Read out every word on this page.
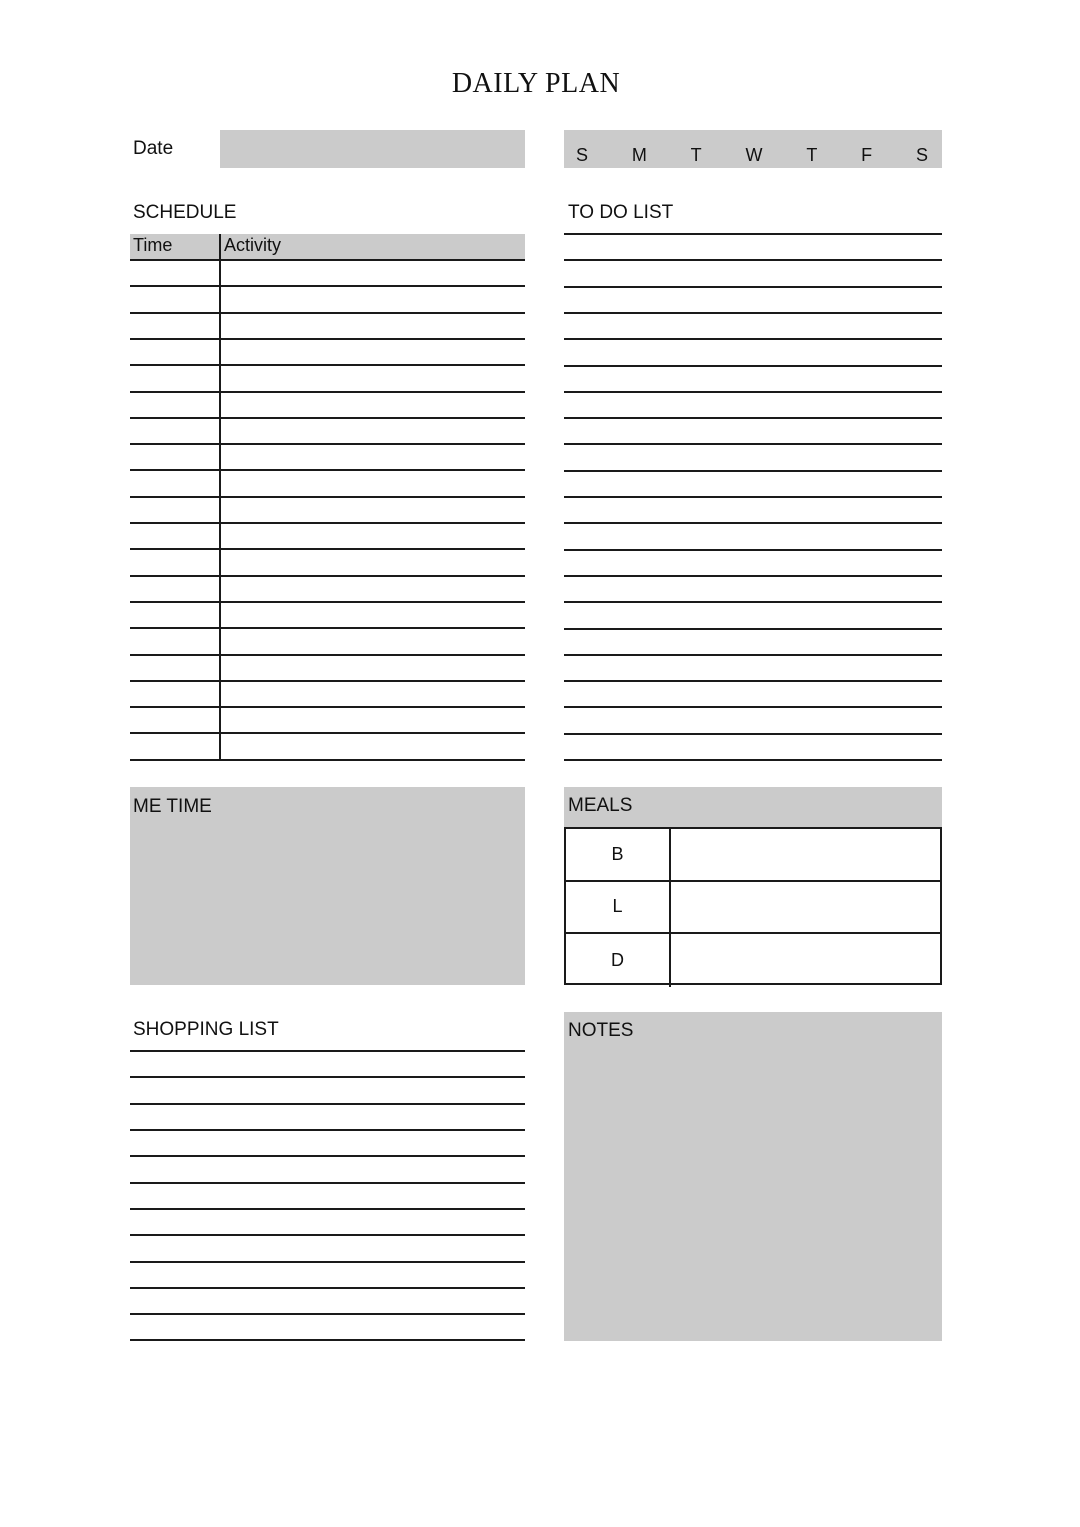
DAILY PLAN
Date	S M T W T F S
SCHEDULE
Time	Activity
TO DO LIST
ME TIME	MEALS
B
L
D
SHOPPING LIST	NOTES
